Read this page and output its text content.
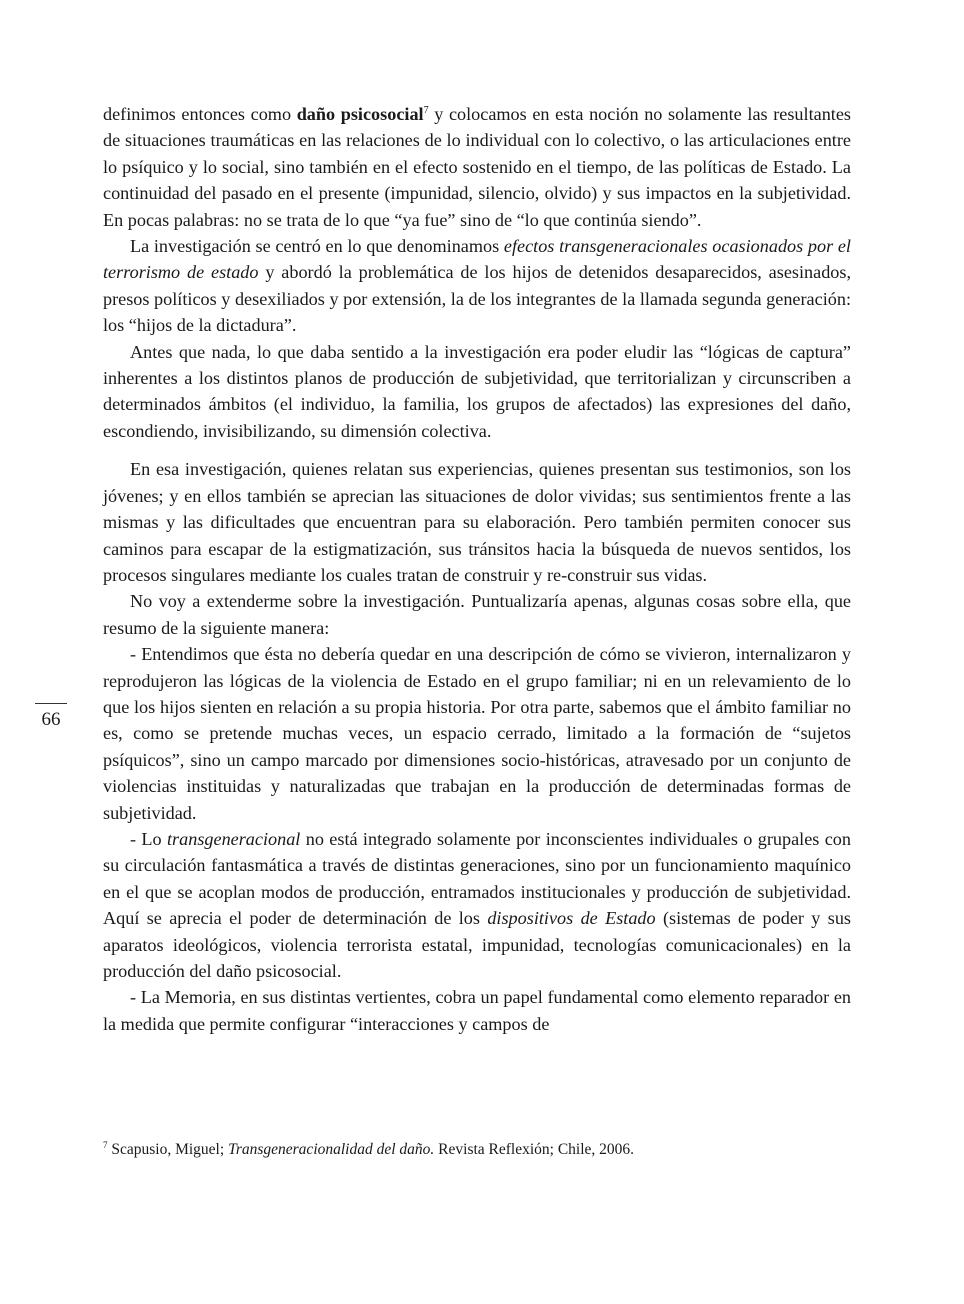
definimos entonces como daño psicosocial$^7$ y colocamos en esta noción no solamente las resultantes de situaciones traumáticas en las relaciones de lo individual con lo colectivo, o las articulaciones entre lo psíquico y lo social, sino también en el efecto sostenido en el tiempo, de las políticas de Estado. La continuidad del pasado en el presente (impunidad, silencio, olvido) y sus impactos en la subjetividad. En pocas palabras: no se trata de lo que “ya fue” sino de “lo que continúa siendo”.

La investigación se centró en lo que denominamos efectos transgeneracionales ocasionados por el terrorismo de estado y abordó la problemática de los hijos de detenidos desaparecidos, asesinados, presos políticos y desexiliados y por extensión, la de los integrantes de la llamada segunda generación: los “hijos de la dictadura”.

Antes que nada, lo que daba sentido a la investigación era poder eludir las “lógicas de captura” inherentes a los distintos planos de producción de subjetividad, que territorializan y circunscriben a determinados ámbitos (el individuo, la familia, los grupos de afectados) las expresiones del daño, escondiendo, invisibilizando, su dimensión colectiva.

En esa investigación, quienes relatan sus experiencias, quienes presentan sus testimonios, son los jóvenes; y en ellos también se aprecian las situaciones de dolor vividas; sus sentimientos frente a las mismas y las dificultades que encuentran para su elaboración. Pero también permiten conocer sus caminos para escapar de la estigmatización, sus tránsitos hacia la búsqueda de nuevos sentidos, los procesos singulares mediante los cuales tratan de construir y re-construir sus vidas.

No voy a extenderme sobre la investigación. Puntualizaría apenas, algunas cosas sobre ella, que resumo de la siguiente manera:

- Entendimos que ésta no debería quedar en una descripción de cómo se vivieron, internalizaron y reprodujeron las lógicas de la violencia de Estado en el grupo familiar; ni en un relevamiento de lo que los hijos sienten en relación a su propia historia. Por otra parte, sabemos que el ámbito familiar no es, como se pretende muchas veces, un espacio cerrado, limitado a la formación de “sujetos psíquicos”, sino un campo marcado por dimensiones socio-históricas, atravesado por un conjunto de violencias instituidas y naturalizadas que trabajan en la producción de determinadas formas de subjetividad.

- Lo transgeneracional no está integrado solamente por inconscientes individuales o grupales con su circulación fantasmática a través de distintas generaciones, sino por un funcionamiento maquínico en el que se acoplan modos de producción, entramados institucionales y producción de subjetividad. Aquí se aprecia el poder de determinación de los dispositivos de Estado (sistemas de poder y sus aparatos ideológicos, violencia terrorista estatal, impunidad, tecnologías comunicacionales) en la producción del daño psicosocial.

- La Memoria, en sus distintas vertientes, cobra un papel fundamental como elemento reparador en la medida que permite configurar “interacciones y campos de

66
$^7$ Scapusio, Miguel; Transgeneracionalidad del daño. Revista Reflexión; Chile, 2006.
